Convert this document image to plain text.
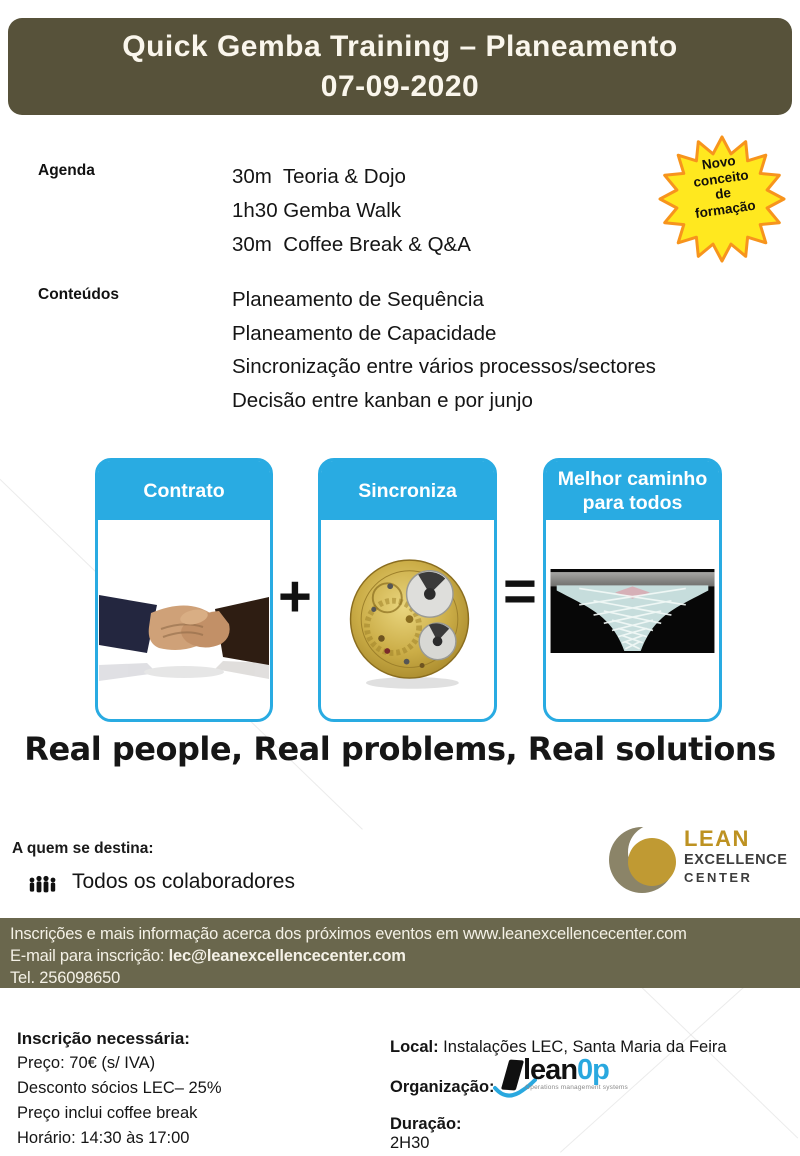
Quick Gemba Training – Planeamento
07-09-2020
Agenda	30m  Teoria & Dojo
1h30 Gemba Walk
30m  Coffee Break & Q&A
Novo
conceito
de
formação
Conteúdos	Planeamento de Sequência
Planeamento de Capacidade
Sincronização entre vários processos/sectores
Decisão entre kanban e por junjo
Contrato
+
Sincroniza
=
Melhor caminho para todos
Real people, Real problems, Real solutions
A quem se destina:
Todos os colaboradores
LEAN
EXCELLENCE
CENTER
Inscrições e mais informação acerca dos próximos eventos em www.leanexcellencecenter.com
E-mail para inscrição: lec@leanexcellencecenter.com
Tel. 256098650
Inscrição necessária:
Preço: 70€ (s/ IVA)
Desconto sócios LEC– 25%
Preço inclui coffee break
Horário: 14:30 às 17:00
Local: Instalações LEC, Santa Maria da Feira
Organização:
lean0p
Operations management systems
Duração: 2H30
